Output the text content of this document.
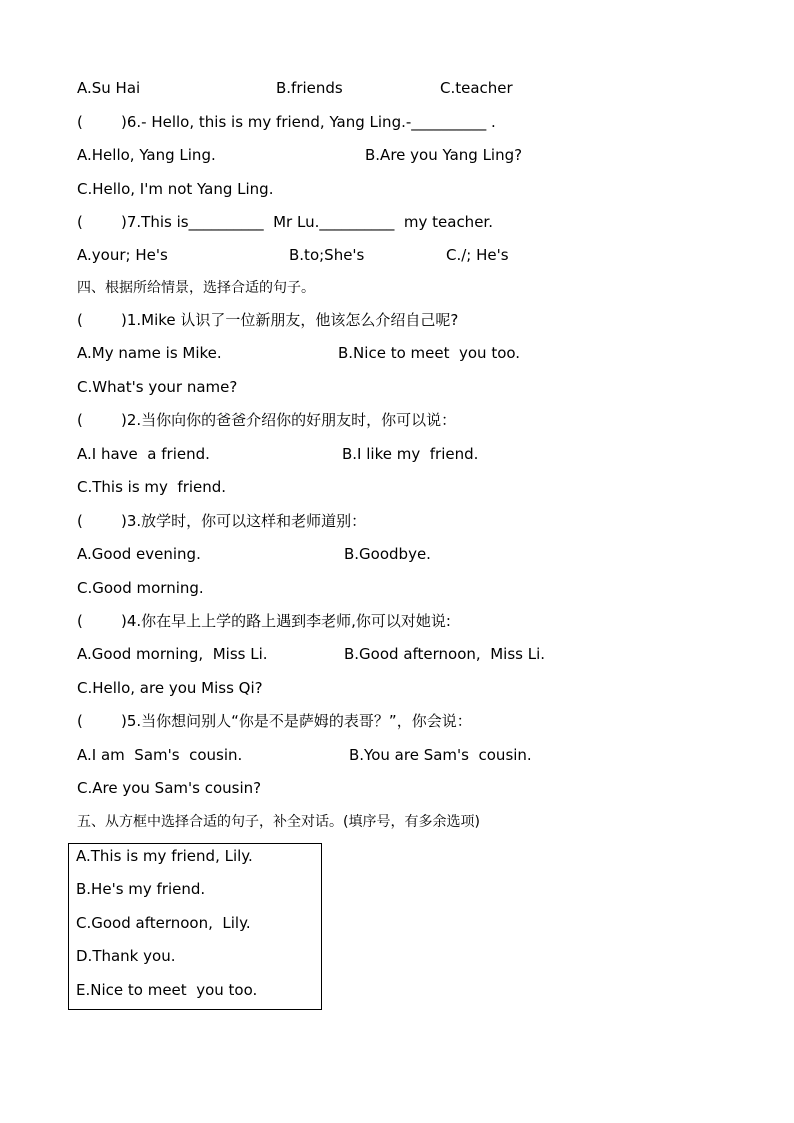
A.Su Hai	B.friends	C.teacher
(        )6.- Hello, this is my friend, Yang Ling.-__________ .
A.Hello, Yang Ling.	B.Are you Yang Ling?
C.Hello, I'm not Yang Ling.
(        )7.This is__________  Mr Lu.__________  my teacher.
A.your; He's	B.to;She's	C./; He's
四、根据所给情景，选择合适的句子。
(        )1.Mike 认识了一位新朋友，他该怎么介绍自己呢?
A.My name is Mike.	B.Nice to meet  you too.
C.What's your name?
(        )2.当你向你的爸爸介绍你的好朋友时，你可以说：
A.I have  a friend.	B.I like my  friend.
C.This is my  friend.
(        )3.放学时，你可以这样和老师道别：
A.Good evening.	B.Goodbye.
C.Good morning.
(        )4.你在早上上学的路上遇到李老师,你可以对她说:
A.Good morning,  Miss Li.	B.Good afternoon,  Miss Li.
C.Hello, are you Miss Qi?
(        )5.当你想问别人“你是不是萨姆的表哥？”，你会说：
A.I am  Sam's  cousin.	B.You are Sam's  cousin.
C.Are you Sam's cousin?
五、从方框中选择合适的句子，补全对话。(填序号，有多余选项)
A.This is my friend, Lily.
B.He's my friend.
C.Good afternoon,  Lily.
D.Thank you.
E.Nice to meet  you too.
